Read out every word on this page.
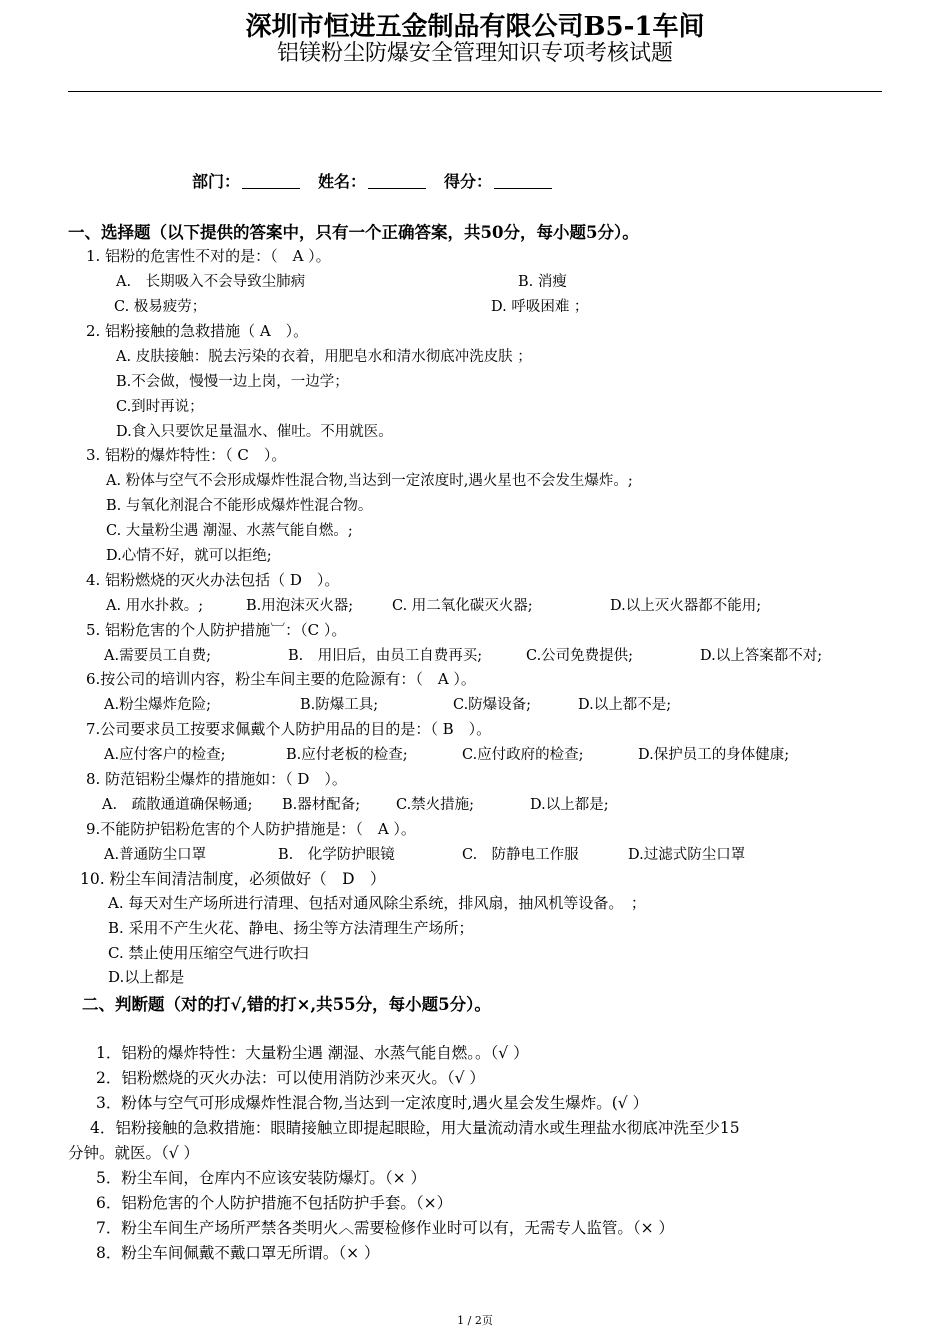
深圳市恒进五金制品有限公司B5-1车间
铝镁粉尘防爆安全管理知识专项考核试题
部门：	姓名：	得分：
一、选择题（以下提供的答案中，只有一个正确答案，共50分，每小题5分）。
1. 铝粉的危害性不对的是：（　A ）。
A.　长期吸入不会导致尘肺病	B. 消瘦
C. 极易疲劳；	D. 呼吸困难 ；
2. 铝粉接触的急救措施（ A　）。
A. 皮肤接触：脱去污染的衣着，用肥皂水和清水彻底冲洗皮肤 ；
B.不会做，慢慢一边上岗，一边学；
C.到时再说；
D.食入只要饮足量温水、催吐。不用就医。
3. 铝粉的爆炸特性：（ C　）。
A. 粉体与空气不会形成爆炸性混合物,当达到一定浓度时,遇火星也不会发生爆炸。;
B. 与氧化剂混合不能形成爆炸性混合物。
C. 大量粉尘遇 潮湿、水蒸气能自燃。;
D.心情不好，就可以拒绝;
4. 铝粉燃烧的灭火办法包括（ D　）。
A. 用水扑救。;	B.用泡沫灭火器;	C. 用二氧化碳灭火器;	D.以上灭火器都不能用;
5. 铝粉危害的个人防护措施︺：（C ）。
A.需要员工自费;	B.　用旧后，由员工自费再买;	C.公司免费提供;	D.以上答案都不对;
6.按公司的培训内容，粉尘车间主要的危险源有：（　A ）。
A.粉尘爆炸危险;	B.防爆工具;	C.防爆设备;	D.以上都不是;
7.公司要求员工按要求佩戴个人防护用品的目的是：（ B　）。
A.应付客户的检查;	B.应付老板的检查;	C.应付政府的检查;	D.保护员工的身体健康;
8. 防范铝粉尘爆炸的措施如：（ D　）。
A.　疏散通道确保畅通; B.器材配备; C.禁火措施;	D.以上都是;
9.不能防护铝粉危害的个人防护措施是：（　A ）。
A.普通防尘口罩	B.　化学防护眼镜	C.　防静电工作服	D.过滤式防尘口罩
10. 粉尘车间清洁制度，必须做好（　D　）
A. 每天对生产场所进行清理、包括对通风除尘系统，排风扇，抽风机等设备。　；
B. 采用不产生火花、静电、扬尘等方法清理生产场所；
C. 禁止使用压缩空气进行吹扫
D.以上都是
二、判断题（对的打√,错的打×,共55分，每小题5分）。
1．铝粉的爆炸特性：大量粉尘遇 潮湿、水蒸气能自燃。。（√ ）
2．铝粉燃烧的灭火办法：可以使用消防沙来灭火。（√ ）
3．粉体与空气可形成爆炸性混合物,当达到一定浓度时,遇火星会发生爆炸。(√ ）
4．铝粉接触的急救措施：眼睛接触立即提起眼睑，用大量流动清水或生理盐水彻底冲洗至少15
分钟。就医。（√ ）
5．粉尘车间，仓库内不应该安装防爆灯。（× ）
6．铝粉危害的个人防护措施不包括防护手套。（×）
7．粉尘车间生产场所严禁各类明火︿需要检修作业时可以有，无需专人监管。（× ）
8．粉尘车间佩戴不戴口罩无所谓。（× ）
1 / 2页
